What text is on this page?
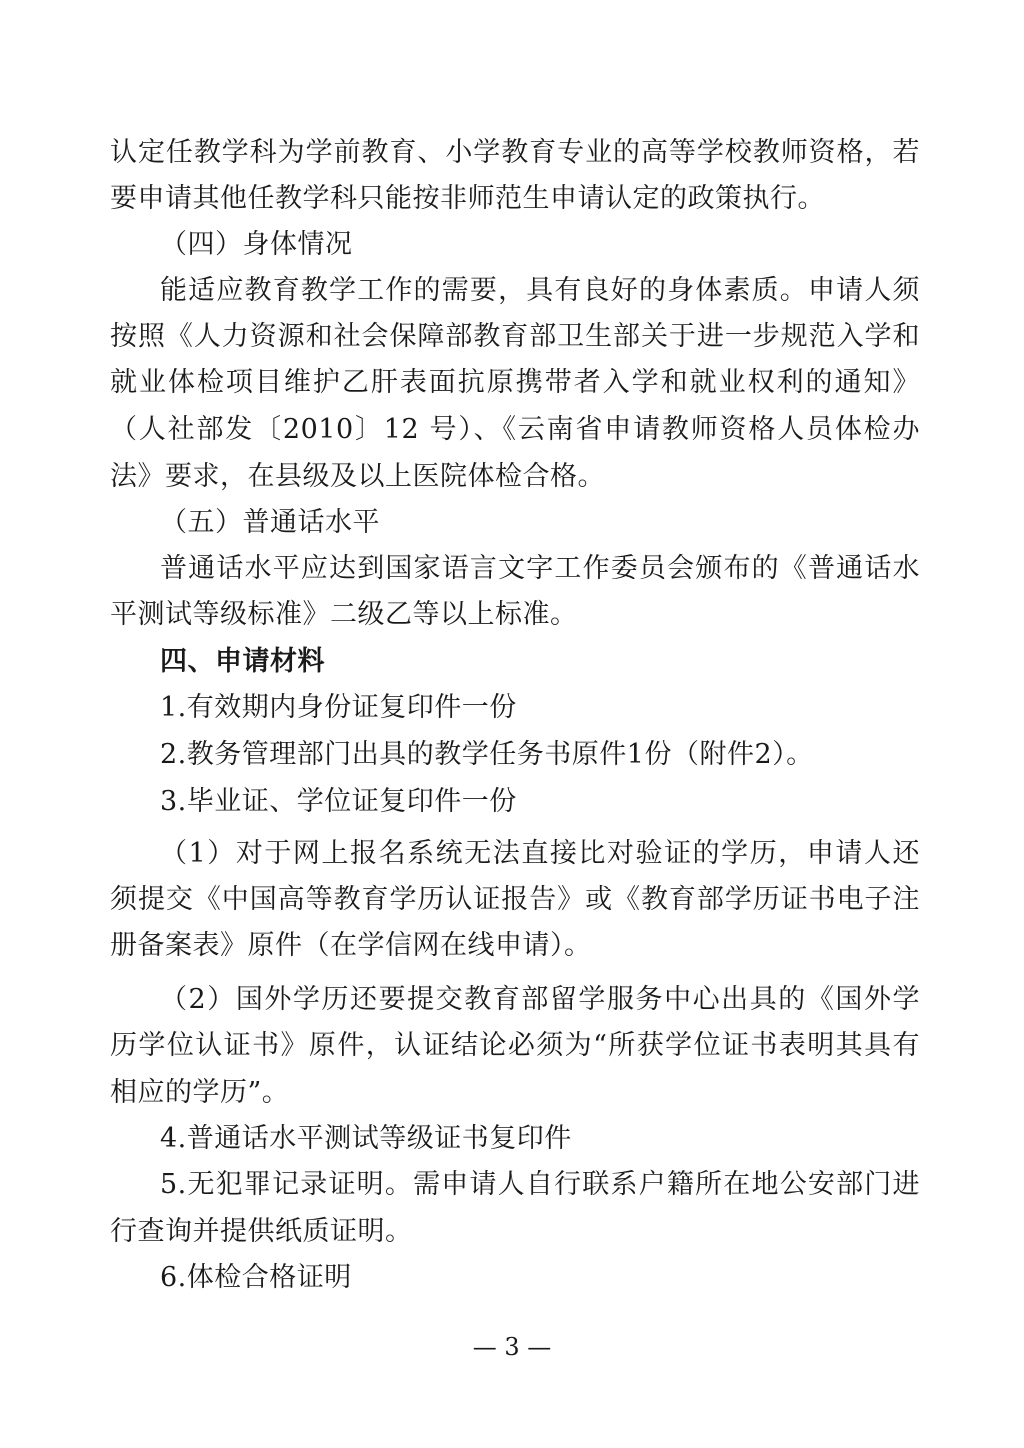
认定任教学科为学前教育、小学教育专业的高等学校教师资格，若
要申请其他任教学科只能按非师范生申请认定的政策执行。
（四）身体情况
能适应教育教学工作的需要，具有良好的身体素质。申请人须
按照《人力资源和社会保障部教育部卫生部关于进一步规范入学和
就业体检项目维护乙肝表面抗原携带者入学和就业权利的通知》
（人社部发〔2010〕12 号）、《云南省申请教师资格人员体检办
法》要求，在县级及以上医院体检合格。
（五）普通话水平
普通话水平应达到国家语言文字工作委员会颁布的《普通话水
平测试等级标准》二级乙等以上标准。
四、申请材料
1.有效期内身份证复印件一份
2.教务管理部门出具的教学任务书原件1份（附件2）。
3.毕业证、学位证复印件一份
（1）对于网上报名系统无法直接比对验证的学历，申请人还
须提交《中国高等教育学历认证报告》或《教育部学历证书电子注
册备案表》原件（在学信网在线申请）。
（2）国外学历还要提交教育部留学服务中心出具的《国外学
历学位认证书》原件，认证结论必须为“所获学位证书表明其具有
相应的学历”。
4.普通话水平测试等级证书复印件
5.无犯罪记录证明。需申请人自行联系户籍所在地公安部门进
行查询并提供纸质证明。
6.体检合格证明
— 3 —
